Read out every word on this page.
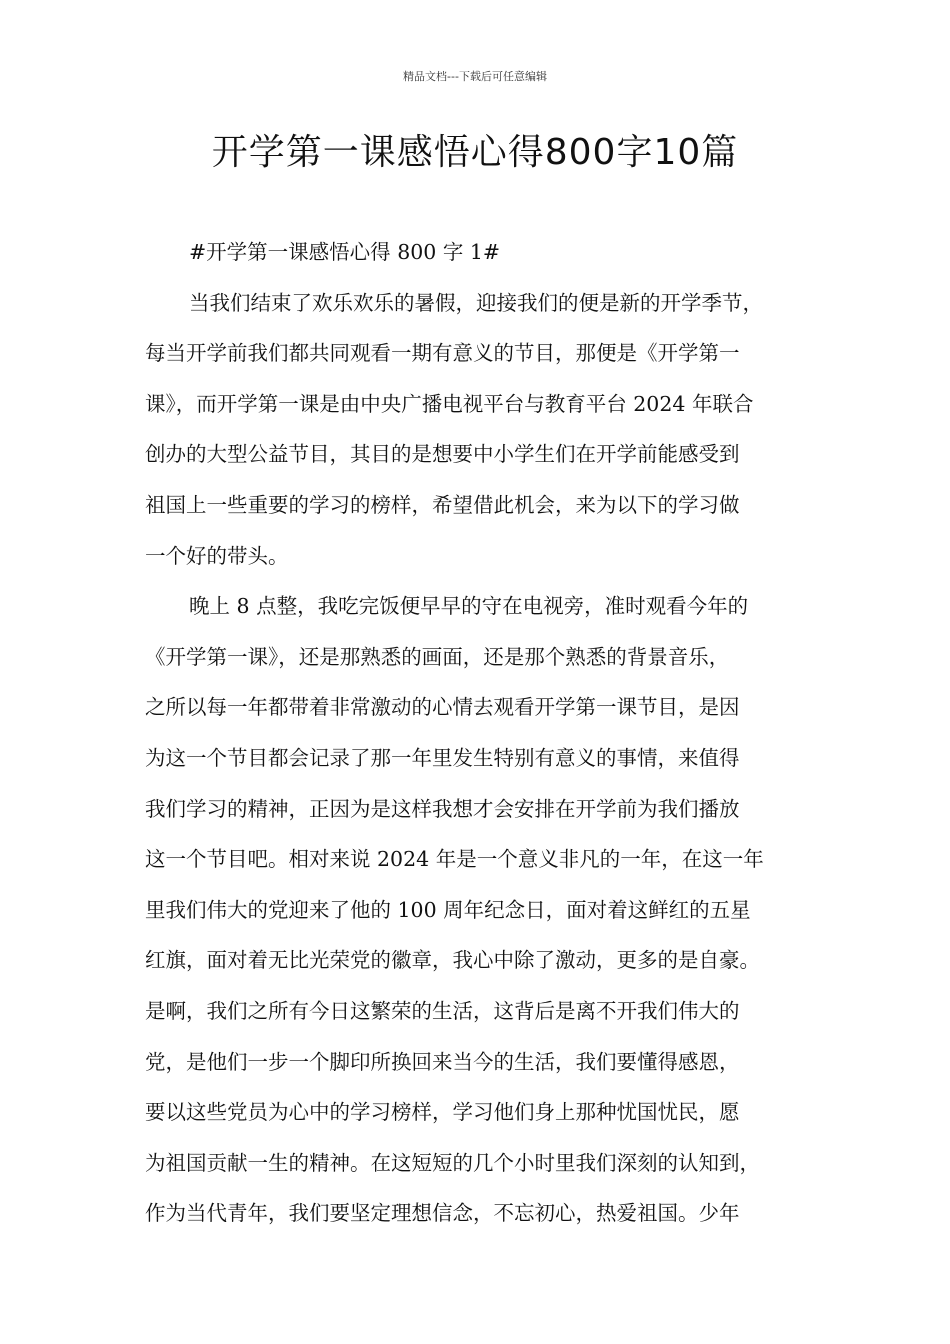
精品文档---下载后可任意编辑
开学第一课感悟心得800字10篇
#开学第一课感悟心得 800 字 1#
当我们结束了欢乐欢乐的暑假，迎接我们的便是新的开学季节，
每当开学前我们都共同观看一期有意义的节目，那便是《开学第一
课》，而开学第一课是由中央广播电视平台与教育平台 2024 年联合
创办的大型公益节目，其目的是想要中小学生们在开学前能感受到
祖国上一些重要的学习的榜样，希望借此机会，来为以下的学习做
一个好的带头。
晚上 8 点整，我吃完饭便早早的守在电视旁，准时观看今年的
《开学第一课》，还是那熟悉的画面，还是那个熟悉的背景音乐，
之所以每一年都带着非常激动的心情去观看开学第一课节目，是因
为这一个节目都会记录了那一年里发生特别有意义的事情，来值得
我们学习的精神，正因为是这样我想才会安排在开学前为我们播放
这一个节目吧。相对来说 2024 年是一个意义非凡的一年，在这一年
里我们伟大的党迎来了他的 100 周年纪念日，面对着这鲜红的五星
红旗，面对着无比光荣党的徽章，我心中除了激动，更多的是自豪。
是啊，我们之所有今日这繁荣的生活，这背后是离不开我们伟大的
党，是他们一步一个脚印所换回来当今的生活，我们要懂得感恩，
要以这些党员为心中的学习榜样，学习他们身上那种忧国忧民，愿
为祖国贡献一生的精神。在这短短的几个小时里我们深刻的认知到，
作为当代青年，我们要坚定理想信念，不忘初心，热爱祖国。少年
